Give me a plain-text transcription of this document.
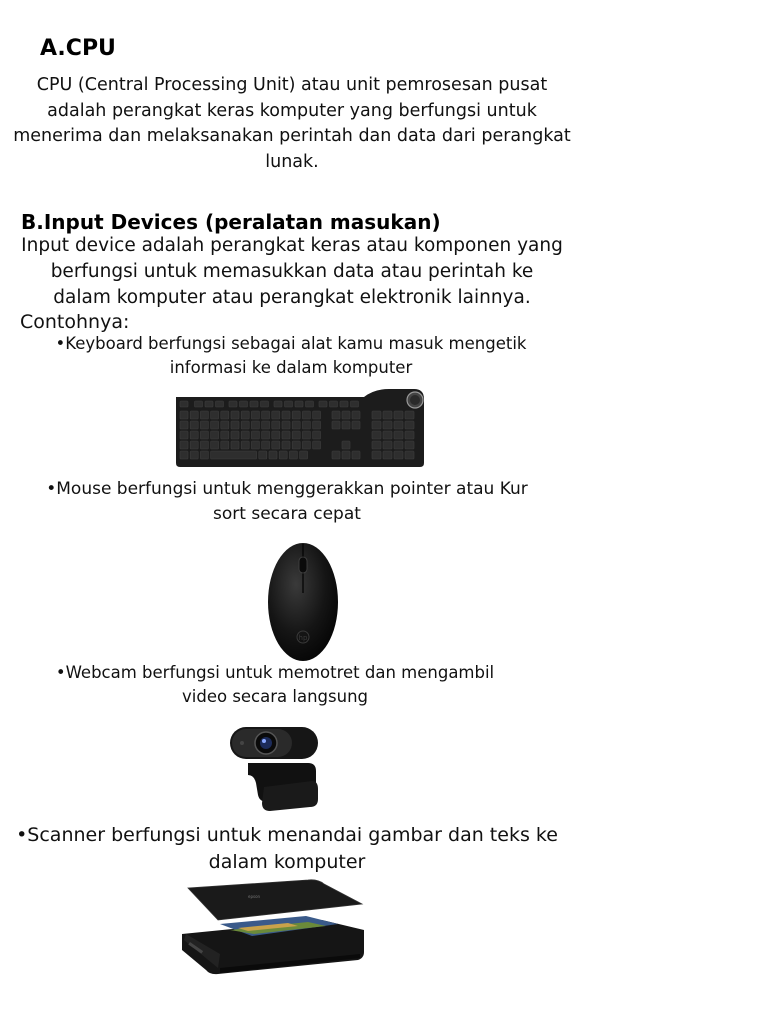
A.CPU
CPU (Central Processing Unit) atau unit pemrosesan pusat
adalah perangkat keras komputer yang berfungsi untuk
menerima dan melaksanakan perintah dan data dari perangkat
lunak.
B.Input Devices (peralatan masukan)
Input device adalah perangkat keras atau komponen yang
berfungsi untuk memasukkan data atau perintah ke
dalam komputer atau perangkat elektronik lainnya.
Contohnya:
•Keyboard berfungsi sebagai alat kamu masuk mengetik
informasi ke dalam komputer
•Mouse berfungsi untuk menggerakkan pointer atau Kur
sort secara cepat
hp
•Webcam berfungsi untuk memotret dan mengambil
video secara langsung
•Scanner berfungsi untuk menandai gambar dan teks ke
dalam komputer
epson
